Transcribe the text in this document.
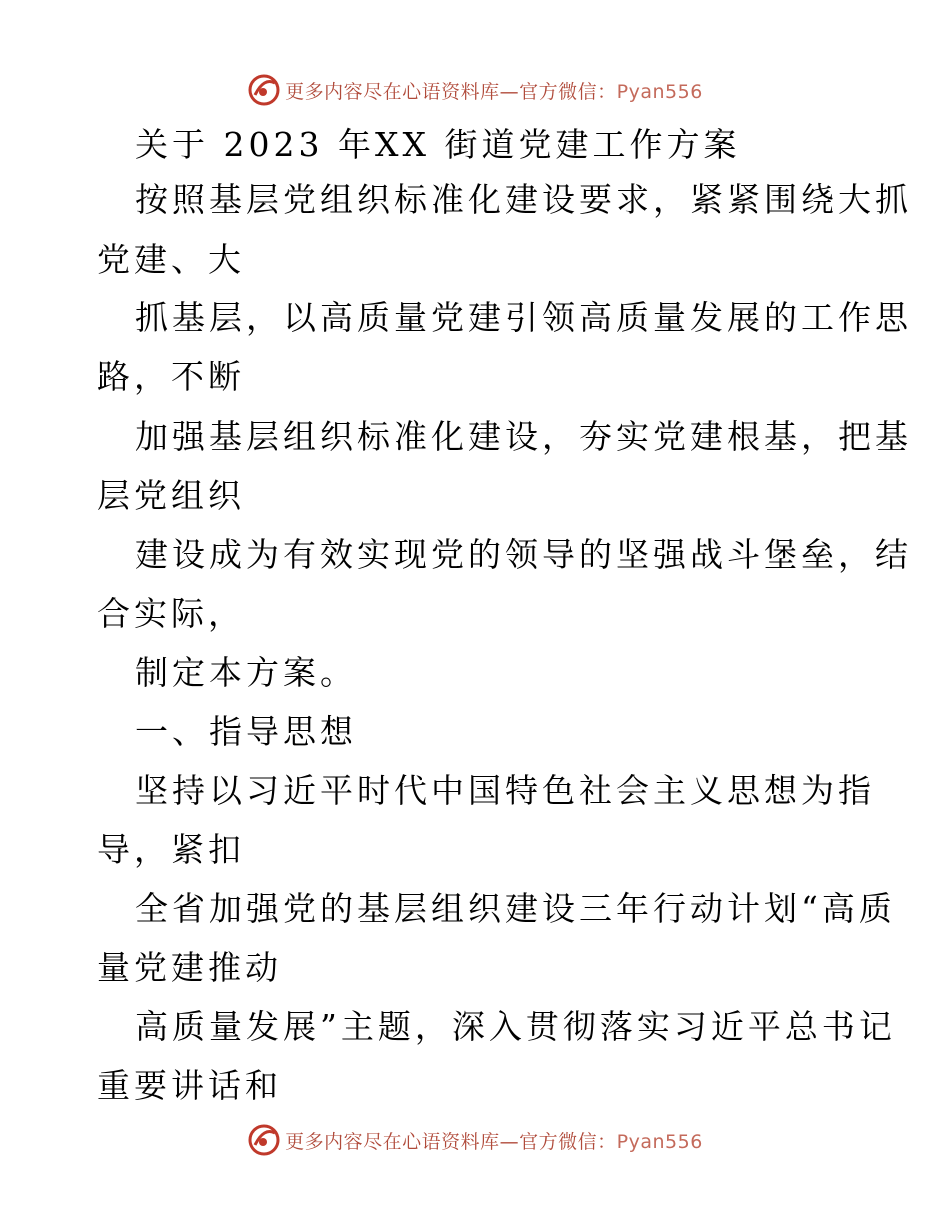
更多内容尽在心语资料库—官方微信：Pyan556
关于 2023 年XX 街道党建工作方案
按照基层党组织标准化建设要求，紧紧围绕大抓
党建、大
抓基层，以高质量党建引领高质量发展的工作思
路，不断
加强基层组织标准化建设，夯实党建根基，把基
层党组织
建设成为有效实现党的领导的坚强战斗堡垒，结
合实际，
制定本方案。
一、指导思想
坚持以习近平时代中国特色社会主义思想为指
导，紧扣
全省加强党的基层组织建设三年行动计划“高质
量党建推动
高质量发展”主题，深入贯彻落实习近平总书记
重要讲话和
更多内容尽在心语资料库—官方微信：Pyan556
